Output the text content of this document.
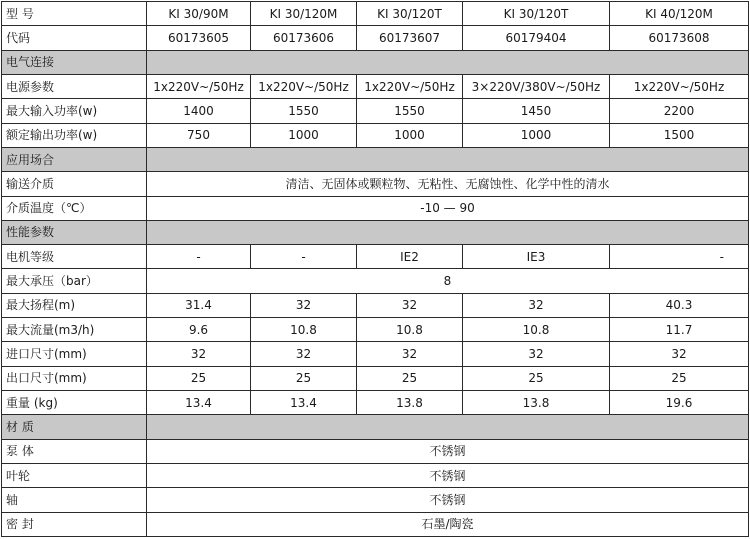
型 号	KI 30/90M	KI 30/120M	KI 30/120T	KI 30/120T	KI 40/120M
代码	60173605	60173606	60173607	60179404	60173608
电气连接					
电源参数	1x220V~/50Hz	1x220V~/50Hz	1x220V~/50Hz	3×220V/380V~/50Hz	1x220V~/50Hz
最大输入功率(w)	1400	1550	1550	1450	2200
额定输出功率(w)	750	1000	1000	1000	1500
应用场合					
输送介质	清洁、无固体或颗粒物、无粘性、无腐蚀性、化学中性的清水				
介质温度（℃）	-10 — 90				
性能参数					
电机等级	-	-	IE2	IE3	-
最大承压（bar）	8				
最大扬程(m)	31.4	32	32	32	40.3
最大流量(m3/h)	9.6	10.8	10.8	10.8	11.7
进口尺寸(mm)	32	32	32	32	32
出口尺寸(mm)	25	25	25	25	25
重量 (kg)	13.4	13.4	13.8	13.8	19.6
材 质					
泵 体	不锈钢				
叶轮	不锈钢				
轴	不锈钢				
密 封	石墨/陶瓷				
